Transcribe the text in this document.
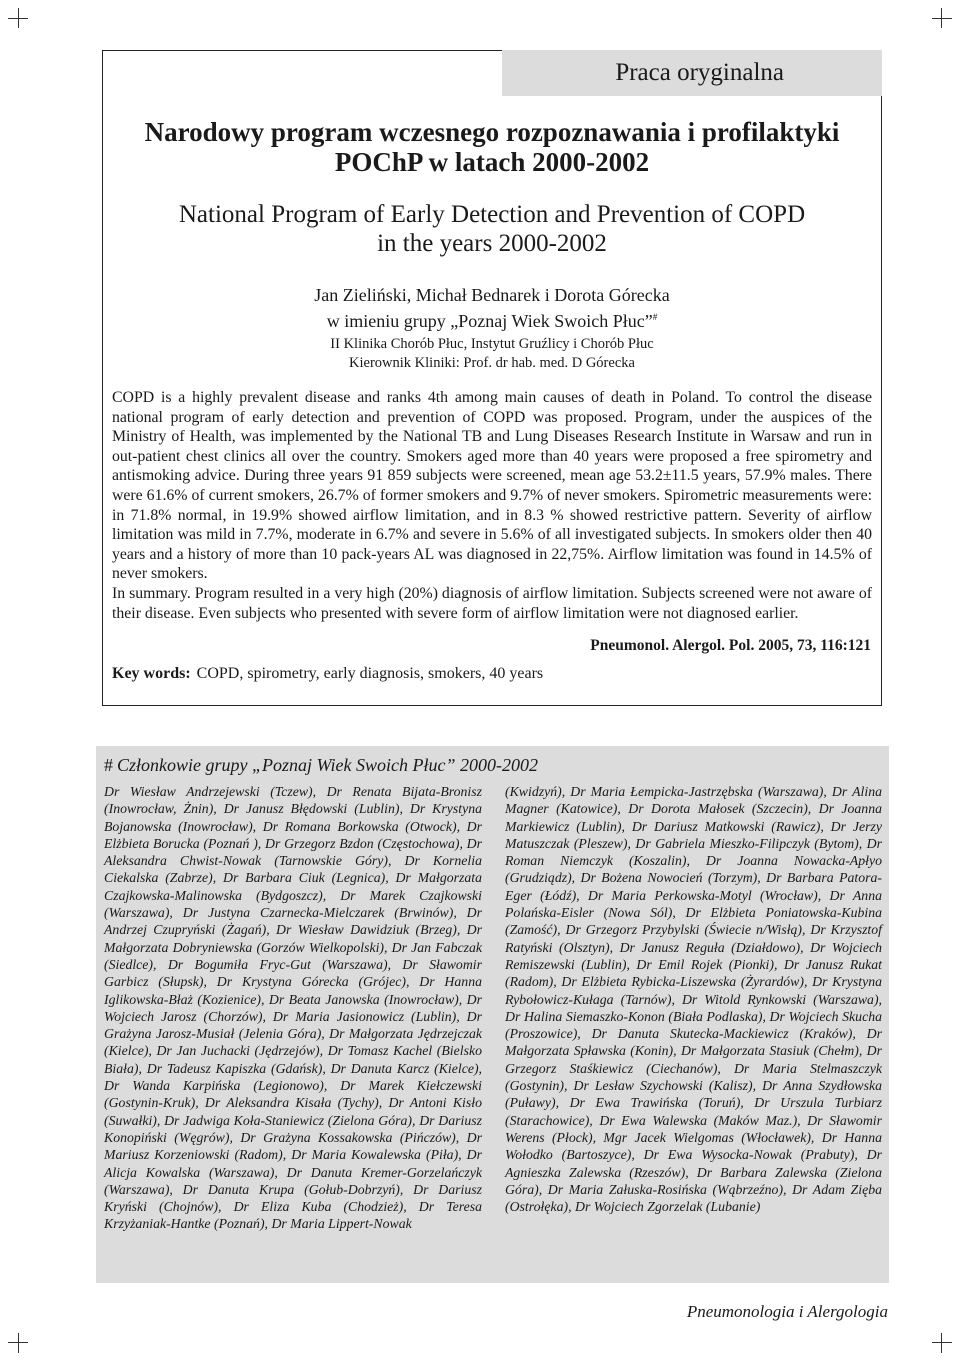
Praca oryginalna
Narodowy program wczesnego rozpoznawania i profilaktyki
POChP w latach 2000-2002
National Program of Early Detection and Prevention of COPD
in the years 2000-2002
Jan Zieliński, Michał Bednarek i Dorota Górecka
w imieniu grupy „Poznaj Wiek Swoich Płuc”#
II Klinika Chorób Płuc, Instytut Gruźlicy i Chorób Płuc
Kierownik Kliniki: Prof. dr hab. med. D Górecka

COPD is a highly prevalent disease and ranks 4th among main causes of death in Poland. To control the disease national program of early detection and prevention of COPD was proposed. Program, under the auspices of the Ministry of Health, was implemented by the National TB and Lung Diseases Research Institute in Warsaw and run in out-patient chest clinics all over the country. Smokers aged more than 40 years were proposed a free spirometry and antismoking advice. During three years 91 859 subjects were screened, mean age 53.2±11.5 years, 57.9% males. There were 61.6% of current smokers, 26.7% of former smokers and 9.7% of never smokers. Spirometric measurements were: in 71.8% normal, in 19.9% showed airflow limitation, and in 8.3 % showed restrictive pattern. Severity of airflow limitation was mild in 7.7%, moderate in 6.7% and severe in 5.6% of all investigated subjects. In smokers older then 40 years and a history of more than 10 pack-years AL was diagnosed in 22,75%. Airflow limitation was found in 14.5% of never smokers.

In summary. Program resulted in a very high (20%) diagnosis of airflow limitation. Subjects screened were not aware of their disease. Even subjects who presented with severe form of airflow limitation were not diagnosed earlier.

Pneumonol. Alergol. Pol. 2005, 73, 116:121
Key words: COPD, spirometry, early diagnosis, smokers, 40 years
# Członkowie grupy „Poznaj Wiek Swoich Płuc” 2000-2002
Dr Wiesław Andrzejewski (Tczew), Dr Renata Bijata-Bronisz (Inowrocław, Żnin), Dr Janusz Błędowski (Lublin), Dr Krystyna Bojanowska (Inowrocław), Dr Romana Borkowska (Otwock), Dr Elżbieta Borucka (Poznań ), Dr Grzegorz Bzdon (Częstochowa), Dr Aleksandra Chwist-Nowak (Tarnowskie Góry), Dr Kornelia Ciekalska (Zabrze), Dr Barbara Ciuk (Legnica), Dr Małgorzata Czajkowska-Malinowska (Bydgoszcz), Dr Marek Czajkowski (Warszawa), Dr Justyna Czarnecka-Mielczarek (Brwinów), Dr Andrzej Czupryński (Żagań), Dr Wiesław Dawidziuk (Brzeg), Dr Małgorzata Dobryniewska (Gorzów Wielkopolski), Dr Jan Fabczak (Siedlce), Dr Bogumiła Fryc-Gut (Warszawa), Dr Sławomir Garbicz (Słupsk), Dr Krystyna Górecka (Grójec), Dr Hanna Iglikowska-Błaż (Kozienice), Dr Beata Janowska (Inowrocław), Dr Wojciech Jarosz (Chorzów), Dr Maria Jasionowicz (Lublin), Dr Grażyna Jarosz-Musiał (Jelenia Góra), Dr Małgorzata Jędrzejczak (Kielce), Dr Jan Juchacki (Jędrzejów), Dr Tomasz Kachel (Bielsko Biała), Dr Tadeusz Kapiszka (Gdańsk), Dr Danuta Karcz (Kielce), Dr Wanda Karpińska (Legionowo), Dr Marek Kiełczewski (Gostynin-Kruk), Dr Aleksandra Kisała (Tychy), Dr Antoni Kisło (Suwałki), Dr Jadwiga Koła-Staniewicz (Zielona Góra), Dr Dariusz Konopiński (Węgrów), Dr Grażyna Kossakowska (Pińczów), Dr Mariusz Korzeniowski (Radom), Dr Maria Kowalewska (Piła), Dr Alicja Kowalska (Warszawa), Dr Danuta Kremer-Gorzelańczyk (Warszawa), Dr Danuta Krupa (Gołub-Dobrzyń), Dr Dariusz Kryński (Chojnów), Dr Eliza Kuba (Chodzież), Dr Teresa Krzyżaniak-Hantke (Poznań), Dr Maria Lippert-Nowak
(Kwidzyń), Dr Maria Łempicka-Jastrzębska (Warszawa), Dr Alina Magner (Katowice), Dr Dorota Małosek (Szczecin), Dr Joanna Markiewicz (Lublin), Dr Dariusz Matkowski (Rawicz), Dr Jerzy Matuszczak (Pleszew), Dr Gabriela Mieszko-Filipczyk (Bytom), Dr Roman Niemczyk (Koszalin), Dr Joanna Nowacka-Apłyo (Grudziądz), Dr Bożena Nowocień (Torzym), Dr Barbara Patora-Eger (Łódź), Dr Maria Perkowska-Motyl (Wrocław), Dr Anna Polańska-Eisler (Nowa Sól), Dr Elżbieta Poniatowska-Kubina (Zamość), Dr Grzegorz Przybylski (Świecie n/Wisłą), Dr Krzysztof Ratyński (Olsztyn), Dr Janusz Reguła (Działdowo), Dr Wojciech Remiszewski (Lublin), Dr Emil Rojek (Pionki), Dr Janusz Rukat (Radom), Dr Elżbieta Rybicka-Liszewska (Żyrardów), Dr Krystyna Rybołowicz-Kułaga (Tarnów), Dr Witold Rynkowski (Warszawa), Dr Halina Siemaszko-Konon (Biała Podlaska), Dr Wojciech Skucha (Proszowice), Dr Danuta Skutecka-Mackiewicz (Kraków), Dr Małgorzata Spławska (Konin), Dr Małgorzata Stasiuk (Chełm), Dr Grzegorz Staśkiewicz (Ciechanów), Dr Maria Stelmaszczyk (Gostynin), Dr Lesław Szychowski (Kalisz), Dr Anna Szydłowska (Puławy), Dr Ewa Trawińska (Toruń), Dr Urszula Turbiarz (Starachowice), Dr Ewa Walewska (Maków Maz.), Dr Sławomir Werens (Płock), Mgr Jacek Wielgomas (Włocławek), Dr Hanna Wołodko (Bartoszyce), Dr Ewa Wysocka-Nowak (Prabuty), Dr Agnieszka Zalewska (Rzeszów), Dr Barbara Zalewska (Zielona Góra), Dr Maria Załuska-Rosińska (Wąbrzeźno), Dr Adam Zięba (Ostrołęka), Dr Wojciech Zgorzelak (Lubanie)
Pneumonologia i Alergologia
